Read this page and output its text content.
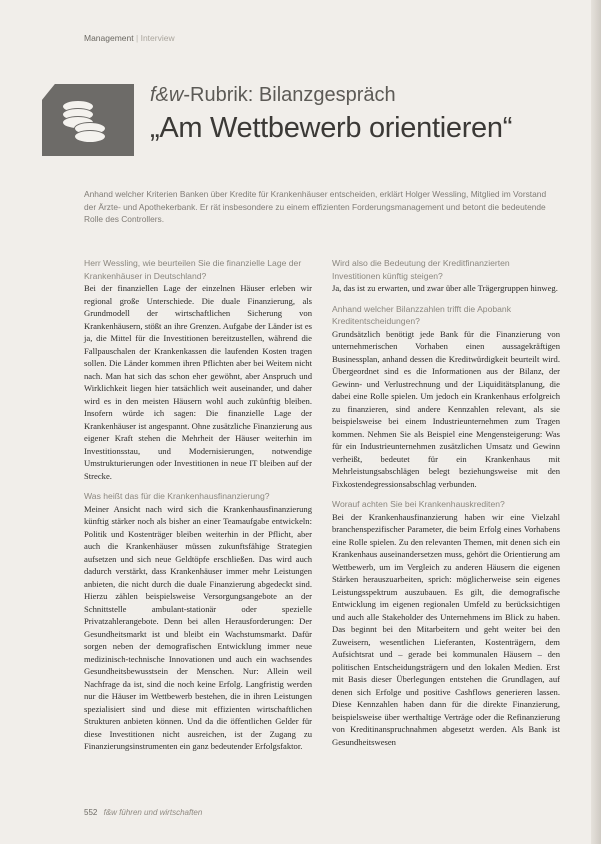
Management | Interview
f&w-Rubrik: Bilanzgespräch
„Am Wettbewerb orientieren“

Anhand welcher Kriterien Banken über Kredite für Krankenhäuser entscheiden, erklärt Holger Wessling, Mitglied im Vorstand der Ärzte- und Apothekerbank. Er rät insbesondere zu einem effizienten Forderungsmanagement und betont die bedeutende Rolle des Controllers.

Herr Wessling, wie beurteilen Sie die finanzielle Lage der Krankenhäuser in Deutschland?

Bei der finanziellen Lage der einzelnen Häuser erleben wir regional große Unterschiede. Die duale Finanzierung, als Grundmodell der wirtschaftlichen Sicherung von Krankenhäusern, stößt an ihre Grenzen. Aufgabe der Länder ist es ja, die Mittel für die Investitionen bereitzustellen, während die Fallpauschalen der Krankenkassen die laufenden Kosten tragen sollen. Die Länder kommen ihren Pflichten aber bei Weitem nicht nach. Man hat sich das schon eher gewöhnt, aber Anspruch und Wirklichkeit liegen hier tatsächlich weit auseinander, und daher wird es in den meisten Häusern wohl auch zukünftig bleiben. Insofern würde ich sagen: Die finanzielle Lage der Krankenhäuser ist angespannt. Ohne zusätzliche Finanzierung aus eigener Kraft stehen die Mehrheit der Häuser weiterhin im Investitionsstau, und Modernisierungen, notwendige Umstrukturierungen oder Investitionen in neue IT bleiben auf der Strecke.

Was heißt das für die Krankenhausfinanzierung?

Meiner Ansicht nach wird sich die Krankenhausfinanzierung künftig stärker noch als bisher an einer Teamaufgabe entwickeln: Politik und Kostenträger bleiben weiterhin in der Pflicht, aber auch die Krankenhäuser müssen zukunftsfähige Strategien aufsetzen und sich neue Geldtöpfe erschließen. Das wird auch dadurch verstärkt, dass Krankenhäuser immer mehr Leistungen anbieten, die nicht durch die duale Finanzierung abgedeckt sind. Hierzu zählen beispielsweise Versorgungsangebote an der Schnittstelle ambulant-stationär oder spezielle Privatzahlerangebote. Denn bei allen Herausforderungen: Der Gesundheitsmarkt ist und bleibt ein Wachstumsmarkt. Dafür sorgen neben der demografischen Entwicklung immer neue medizinisch-technische Innovationen und auch ein wachsendes Gesundheitsbewusstsein der Menschen. Nur: Allein weil Nachfrage da ist, sind die noch keine Erfolg. Langfristig werden nur die Häuser im Wettbewerb bestehen, die in ihren Leistungen spezialisiert sind und diese mit effizienten wirtschaftlichen Strukturen anbieten können. Und da die öffentlichen Gelder für diese Investitionen nicht ausreichen, ist der Zugang zu Finanzierungsinstrumenten ein ganz bedeutender Erfolgsfaktor.

Wird also die Bedeutung der Kreditfinanzierten Investitionen künftig steigen?

Ja, das ist zu erwarten, und zwar über alle Trägergruppen hinweg.

Anhand welcher Bilanzzahlen trifft die Apobank Kreditentscheidungen?

Grundsätzlich benötigt jede Bank für die Finanzierung von unternehmerischen Vorhaben einen aussagekräftigen Businessplan, anhand dessen die Kreditwürdigkeit beurteilt wird. Übergeordnet sind es die Informationen aus der Bilanz, der Gewinn- und Verlustrechnung und der Liquiditätsplanung, die dabei eine Rolle spielen. Um jedoch ein Krankenhaus erfolgreich zu finanzieren, sind andere Kennzahlen relevant, als sie beispielsweise bei einem Industrieunternehmen zum Tragen kommen. Nehmen Sie als Beispiel eine Mengensteigerung: Was für ein Industrieunternehmen zusätzlichen Umsatz und Gewinn verheißt, bedeutet für ein Krankenhaus mit Mehrleistungsabschlägen belegt beziehungsweise mit den Fixkostendegressionsabschlag verbunden.

Worauf achten Sie bei Krankenhauskrediten?

Bei der Krankenhausfinanzierung haben wir eine Vielzahl branchenspezifischer Parameter, die beim Erfolg eines Vorhabens eine Rolle spielen. Zu den relevanten Themen, mit denen sich ein Krankenhaus auseinandersetzen muss, gehört die Orientierung am Wettbewerb, um im Vergleich zu anderen Häusern die eigenen Stärken herauszuarbeiten, sprich: möglicherweise sein eigenes Leistungsspektrum auszubauen. Es gilt, die demografische Entwicklung im eigenen regionalen Umfeld zu berücksichtigen und auch alle Stakeholder des Unternehmens im Blick zu haben. Das beginnt bei den Mitarbeitern und geht weiter bei den Zuweisern, wesentlichen Lieferanten, Kostenträgern, dem Aufsichtsrat und – gerade bei kommunalen Häusern – den politischen Entscheidungsträgern und den lokalen Medien. Erst mit Basis dieser Überlegungen entstehen die Grundlagen, auf denen sich Erfolge und positive Cashflows generieren lassen. Diese Kennzahlen haben dann für die direkte Finanzierung, beispielsweise über werthaltige Verträge oder die Refinanzierung von Kreditinanspruchnahmen abgesetzt werden. Als Bank ist Gesundheitswesen

552 f&w führen und wirtschaften
